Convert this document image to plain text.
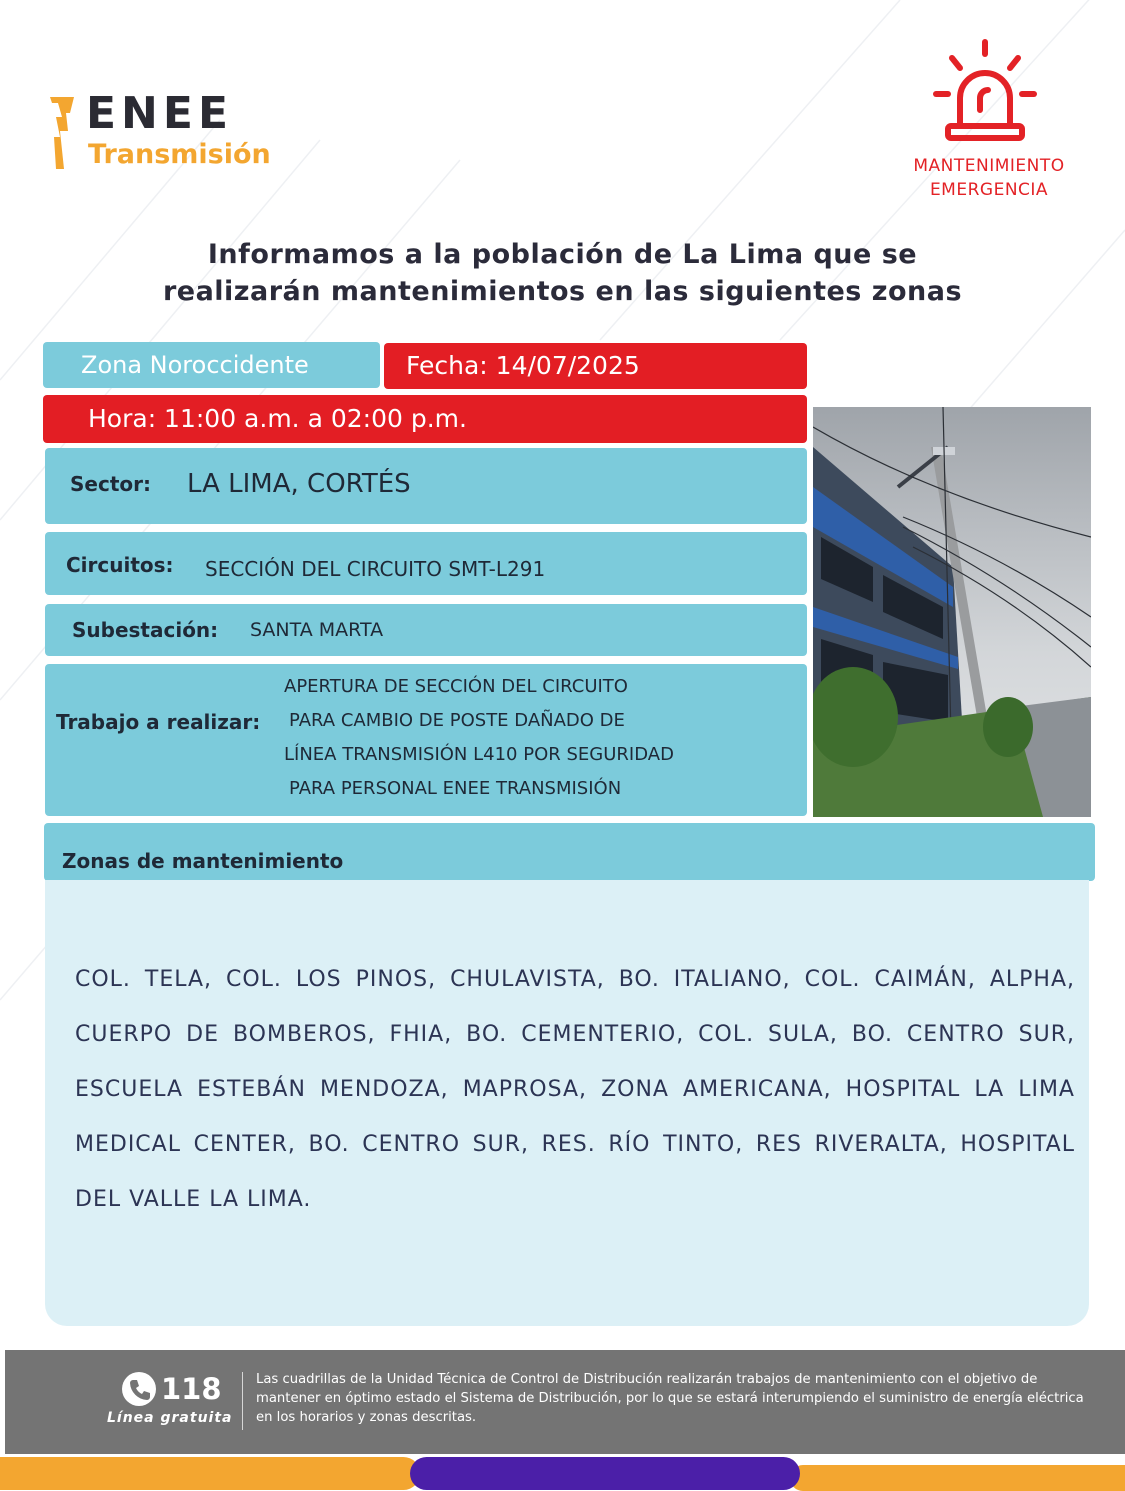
ENEE
Transmisión	MANTENIMIENTO
EMERGENCIA
Informamos a la población de La Lima que se
realizarán mantenimientos en las siguientes zonas
Zona Noroccidente	Fecha: 14/07/2025
Hora: 11:00 a.m. a 02:00 p.m.
Sector: LA LIMA, CORTÉS
Circuitos: SECCIÓN DEL CIRCUITO SMT-L291
Subestación: SANTA MARTA
Trabajo a realizar:
APERTURA DE SECCIÓN DEL CIRCUITO
PARA CAMBIO DE POSTE DAÑADO DE
LÍNEA TRANSMISIÓN L410 POR SEGURIDAD
PARA PERSONAL ENEE TRANSMISIÓN
Zonas de mantenimiento
COL. TELA, COL. LOS PINOS, CHULAVISTA, BO. ITALIANO, COL. CAIMÁN, ALPHA, CUERPO DE BOMBEROS, FHIA, BO. CEMENTERIO, COL. SULA, BO. CENTRO SUR, ESCUELA ESTEBÁN MENDOZA, MAPROSA, ZONA AMERICANA, HOSPITAL LA LIMA MEDICAL CENTER, BO. CENTRO SUR, RES. RÍO TINTO, RES RIVERALTA, HOSPITAL DEL VALLE LA LIMA.
118
Línea gratuita
Las cuadrillas de la Unidad Técnica de Control de Distribución realizarán trabajos de mantenimiento con el objetivo de mantener en óptimo estado el Sistema de Distribución, por lo que se estará interumpiendo el suministro de energía eléctrica en los horarios y zonas descritas.
